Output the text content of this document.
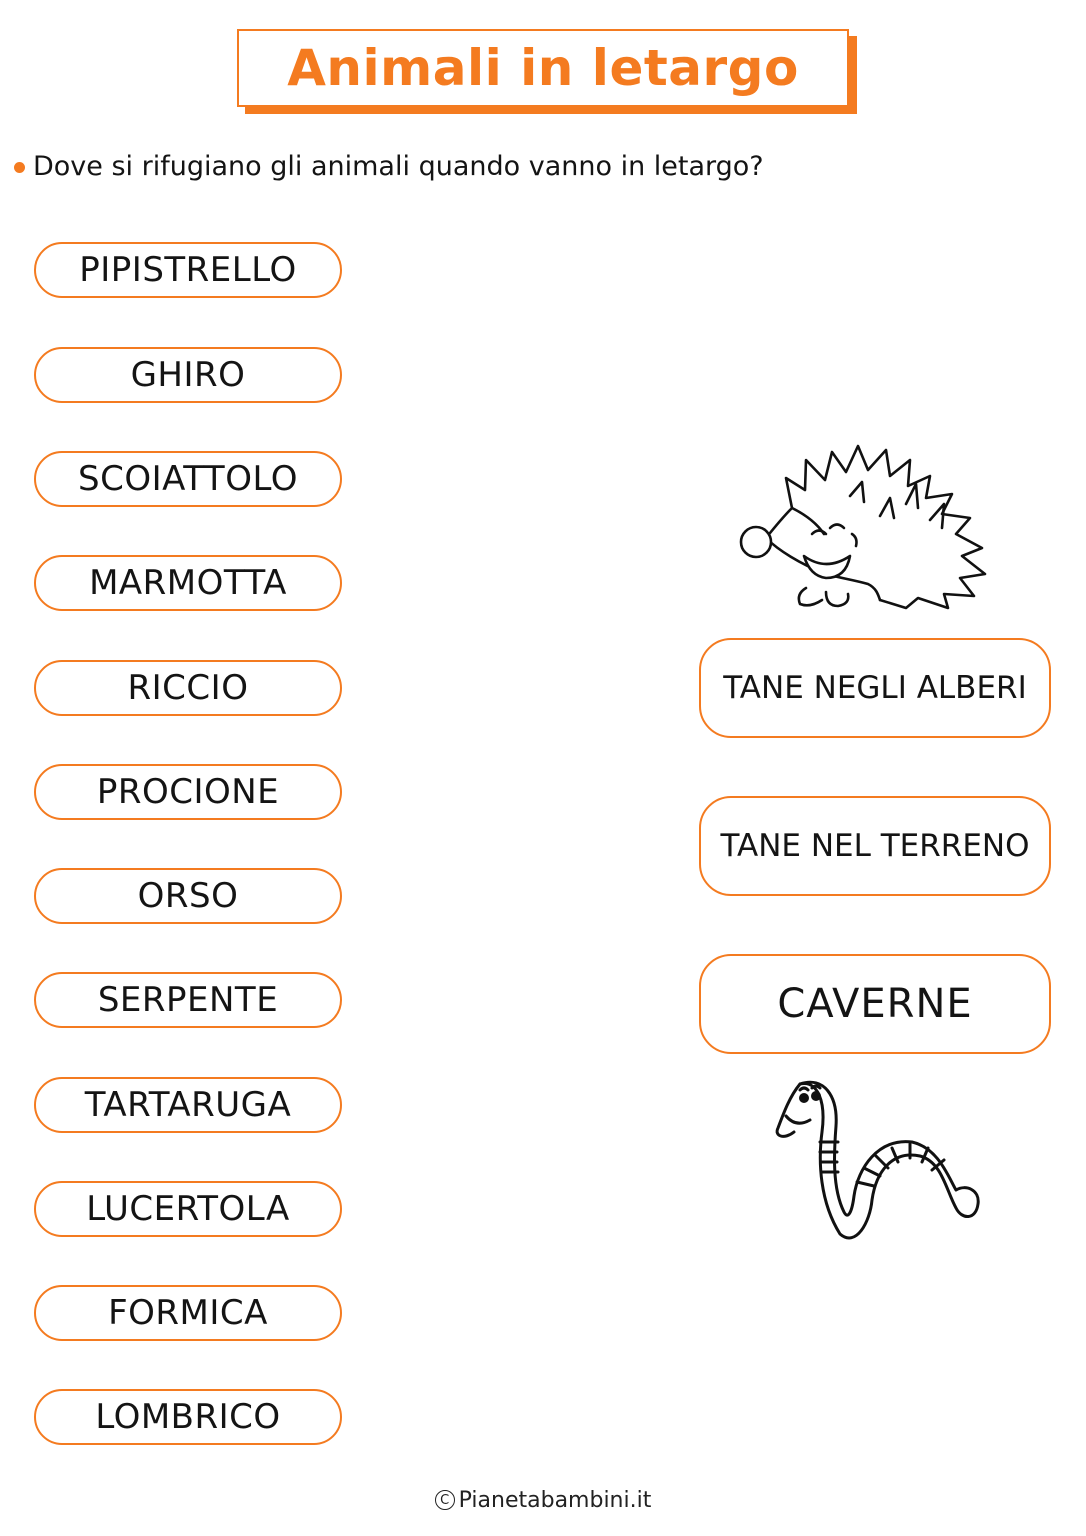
Animali in letargo
Dove si rifugiano gli animali quando vanno in letargo?
PIPISTRELLO
GHIRO
SCOIATTOLO
MARMOTTA
RICCIO
PROCIONE
ORSO
SERPENTE
TARTARUGA
LUCERTOLA
FORMICA
LOMBRICO
TANE NEGLI ALBERI
TANE NEL TERRENO
CAVERNE
C Pianetabambini.it
